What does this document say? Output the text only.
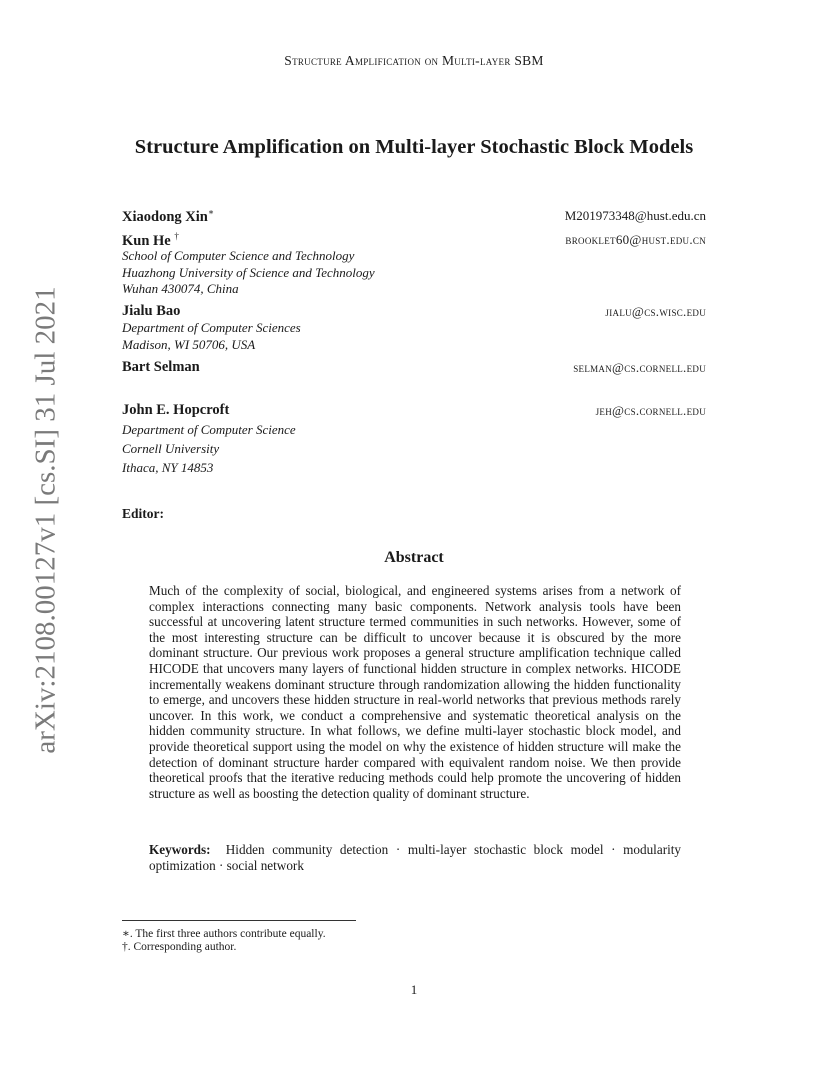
arXiv:2108.00127v1 [cs.SI] 31 Jul 2021
Structure Amplification on Multi-layer SBM
Structure Amplification on Multi-layer Stochastic Block Models
Xiaodong Xin∗	M201973348@hust.edu.cn
Kun He †	brooklet60@hust.edu.cn
School of Computer Science and Technology
Huazhong University of Science and Technology
Wuhan 430074, China
Jialu Bao	jialu@cs.wisc.edu
Department of Computer Sciences
Madison, WI 50706, USA
Bart Selman	selman@cs.cornell.edu
John E. Hopcroft	jeh@cs.cornell.edu
Department of Computer Science
Cornell University
Ithaca, NY 14853
Editor:
Abstract
Much of the complexity of social, biological, and engineered systems arises from a network of complex interactions connecting many basic components. Network analysis tools have been successful at uncovering latent structure termed communities in such networks. However, some of the most interesting structure can be difficult to uncover because it is obscured by the more dominant structure. Our previous work proposes a general structure amplification technique called HICODE that uncovers many layers of functional hidden structure in complex networks. HICODE incrementally weakens dominant structure through randomization allowing the hidden functionality to emerge, and uncovers these hidden structure in real-world networks that previous methods rarely uncover. In this work, we conduct a comprehensive and systematic theoretical analysis on the hidden community structure. In what follows, we define multi-layer stochastic block model, and provide theoretical support using the model on why the existence of hidden structure will make the detection of dominant structure harder compared with equivalent random noise. We then provide theoretical proofs that the iterative reducing methods could help promote the uncovering of hidden structure as well as boosting the detection quality of dominant structure.
Keywords: Hidden community detection · multi-layer stochastic block model · modularity optimization · social network
∗. The first three authors contribute equally.
†. Corresponding author.
1
